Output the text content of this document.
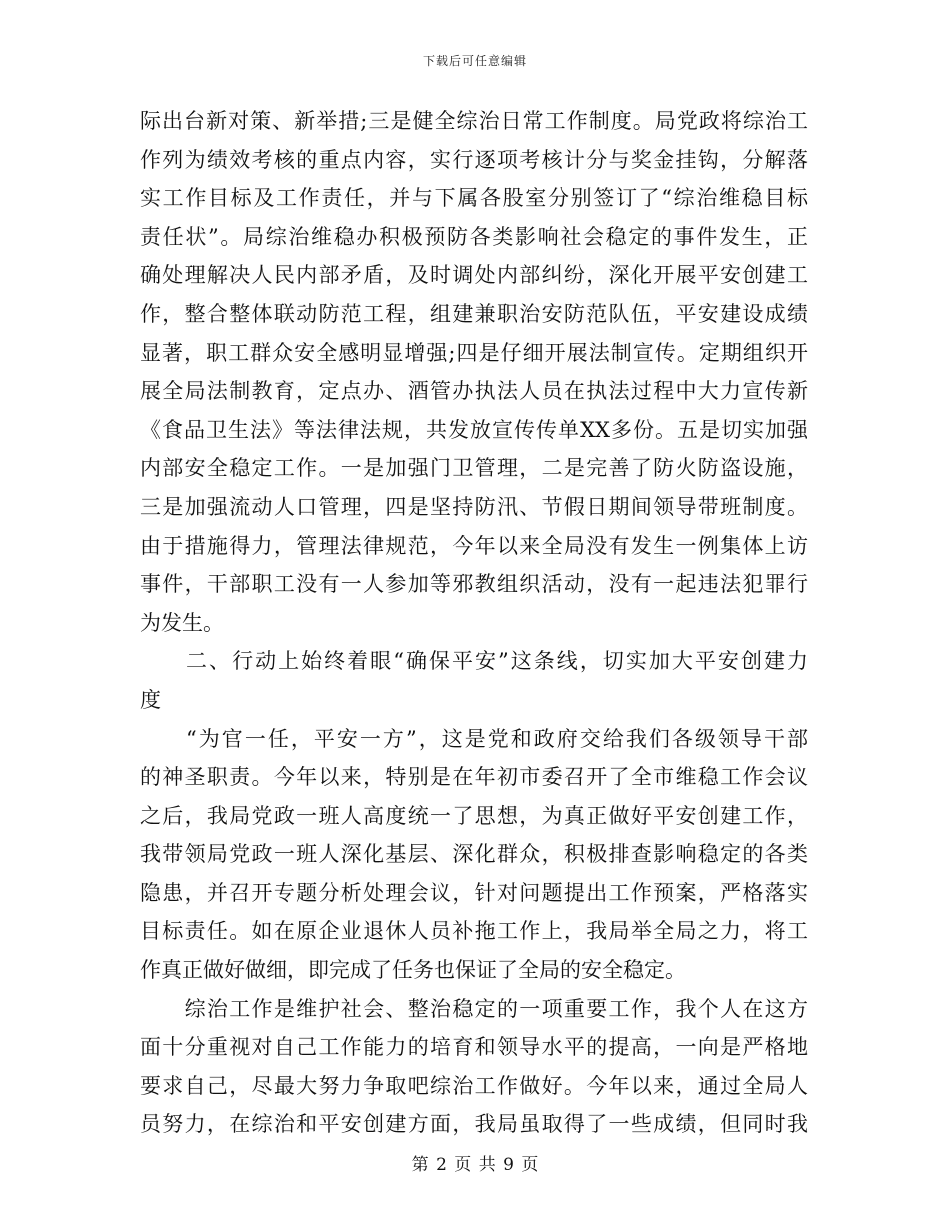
下载后可任意编辑
际出台新对策、新举措;三是健全综治日常工作制度。局党政将综治工
作列为绩效考核的重点内容，实行逐项考核计分与奖金挂钩，分解落
实工作目标及工作责任，并与下属各股室分别签订了“综治维稳目标
责任状”。局综治维稳办积极预防各类影响社会稳定的事件发生，正
确处理解决人民内部矛盾，及时调处内部纠纷，深化开展平安创建工
作，整合整体联动防范工程，组建兼职治安防范队伍，平安建设成绩
显著，职工群众安全感明显增强;四是仔细开展法制宣传。定期组织开
展全局法制教育，定点办、酒管办执法人员在执法过程中大力宣传新
《食品卫生法》等法律法规，共发放宣传传单XX多份。五是切实加强
内部安全稳定工作。一是加强门卫管理，二是完善了防火防盗设施，
三是加强流动人口管理，四是坚持防汛、节假日期间领导带班制度。
由于措施得力，管理法律规范，今年以来全局没有发生一例集体上访
事件，干部职工没有一人参加等邪教组织活动，没有一起违法犯罪行
为发生。
　　二、行动上始终着眼“确保平安”这条线，切实加大平安创建力
度
　　“为官一任，平安一方”，这是党和政府交给我们各级领导干部
的神圣职责。今年以来，特别是在年初市委召开了全市维稳工作会议
之后，我局党政一班人高度统一了思想，为真正做好平安创建工作，
我带领局党政一班人深化基层、深化群众，积极排查影响稳定的各类
隐患，并召开专题分析处理会议，针对问题提出工作预案，严格落实
目标责任。如在原企业退休人员补拖工作上，我局举全局之力，将工
作真正做好做细，即完成了任务也保证了全局的安全稳定。
　　综治工作是维护社会、整治稳定的一项重要工作，我个人在这方
面十分重视对自己工作能力的培育和领导水平的提高，一向是严格地
要求自己，尽最大努力争取吧综治工作做好。今年以来，通过全局人
员努力，在综治和平安创建方面，我局虽取得了一些成绩，但同时我
第 2 页 共 9 页
